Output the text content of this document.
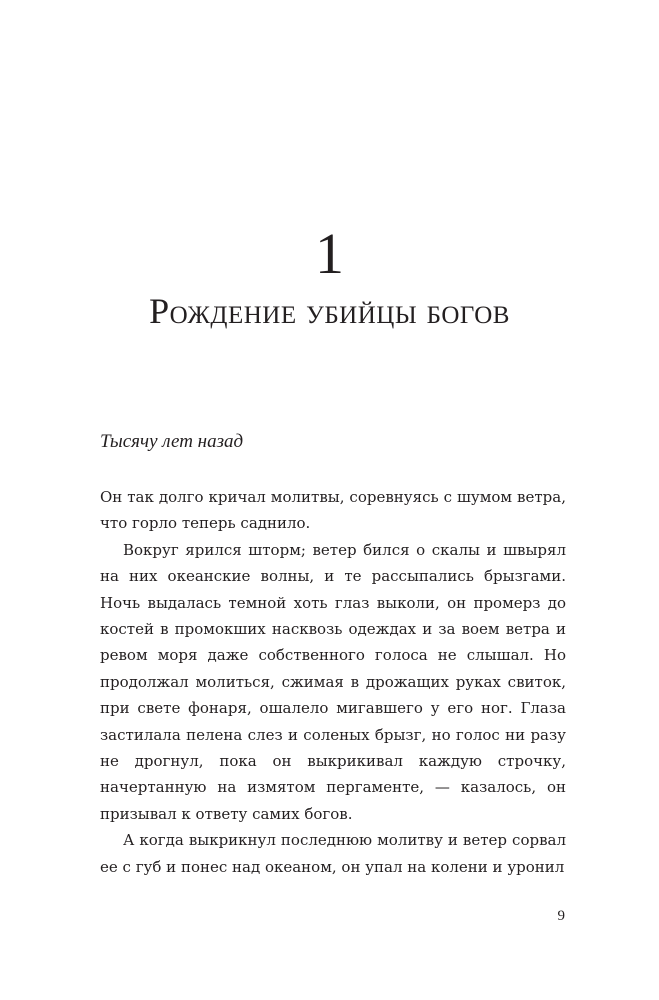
1
Рождение убийцы богов
Тысячу лет назад

Он так долго кричал молитвы, соревнуясь с шумом ветра, что горло теперь саднило.

Вокруг ярился шторм; ветер бился о скалы и швырял на них океанские волны, и те рассыпались брызгами. Ночь выдалась темной хоть глаз выколи, он промерз до костей в промокших насквозь одеждах и за воем ветра и ревом моря даже собственного голоса не слышал. Но продолжал молиться, сжимая в дрожащих руках свиток, при свете фонаря, ошалело мигавшего у его ног. Глаза застилала пелена слез и соленых брызг, но голос ни разу не дрогнул, пока он выкрикивал каждую строчку, начертанную на измятом пергаменте, — казалось, он призывал к ответу самих богов.

А когда выкрикнул последнюю молитву и ветер сорвал ее с губ и понес над океаном, он упал на колени и уронил

9
